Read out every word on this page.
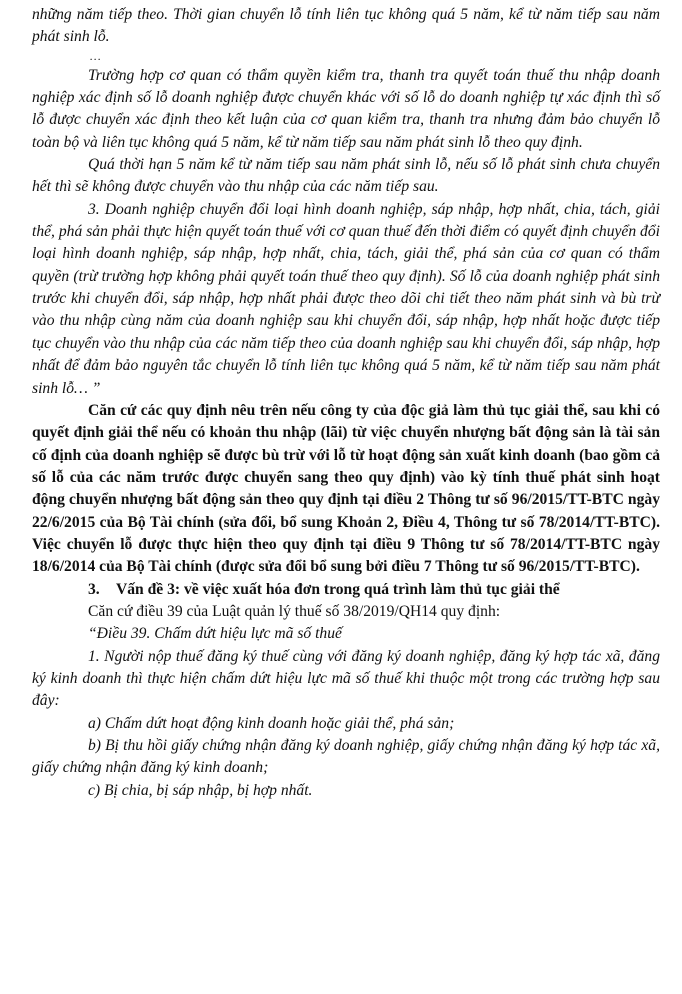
những năm tiếp theo. Thời gian chuyển lỗ tính liên tục không quá 5 năm, kể từ năm tiếp sau năm phát sinh lỗ.

…

Trường hợp cơ quan có thẩm quyền kiểm tra, thanh tra quyết toán thuế thu nhập doanh nghiệp xác định số lỗ doanh nghiệp được chuyển khác với số lỗ do doanh nghiệp tự xác định thì số lỗ được chuyển xác định theo kết luận của cơ quan kiểm tra, thanh tra nhưng đảm bảo chuyển lỗ toàn bộ và liên tục không quá 5 năm, kể từ năm tiếp sau năm phát sinh lỗ theo quy định.

Quá thời hạn 5 năm kể từ năm tiếp sau năm phát sinh lỗ, nếu số lỗ phát sinh chưa chuyển hết thì sẽ không được chuyển vào thu nhập của các năm tiếp sau.

3. Doanh nghiệp chuyển đổi loại hình doanh nghiệp, sáp nhập, hợp nhất, chia, tách, giải thể, phá sản phải thực hiện quyết toán thuế với cơ quan thuế đến thời điểm có quyết định chuyển đổi loại hình doanh nghiệp, sáp nhập, hợp nhất, chia, tách, giải thể, phá sản của cơ quan có thẩm quyền (trừ trường hợp không phải quyết toán thuế theo quy định). Số lỗ của doanh nghiệp phát sinh trước khi chuyển đổi, sáp nhập, hợp nhất phải được theo dõi chi tiết theo năm phát sinh và bù trừ vào thu nhập cùng năm của doanh nghiệp sau khi chuyển đổi, sáp nhập, hợp nhất hoặc được tiếp tục chuyển vào thu nhập của các năm tiếp theo của doanh nghiệp sau khi chuyển đổi, sáp nhập, hợp nhất để đảm bảo nguyên tắc chuyển lỗ tính liên tục không quá 5 năm, kể từ năm tiếp sau năm phát sinh lỗ… ”

Căn cứ các quy định nêu trên nếu công ty của độc giả làm thủ tục giải thể, sau khi có quyết định giải thể nếu có khoản thu nhập (lãi) từ việc chuyển nhượng bất động sản là tài sản cố định của doanh nghiệp sẽ được bù trừ với lỗ từ hoạt động sản xuất kinh doanh (bao gồm cả số lỗ của các năm trước được chuyển sang theo quy định) vào kỳ tính thuế phát sinh hoạt động chuyển nhượng bất động sản theo quy định tại điều 2 Thông tư số 96/2015/TT-BTC ngày 22/6/2015 của Bộ Tài chính (sửa đổi, bổ sung Khoản 2, Điều 4, Thông tư số 78/2014/TT-BTC). Việc chuyển lỗ được thực hiện theo quy định tại điều 9 Thông tư số 78/2014/TT-BTC ngày 18/6/2014 của Bộ Tài chính (được sửa đổi bổ sung bởi điều 7 Thông tư số 96/2015/TT-BTC).

3.	Vấn đề 3: về việc xuất hóa đơn trong quá trình làm thủ tục giải thể

Căn cứ điều 39 của Luật quản lý thuế số 38/2019/QH14 quy định:

“Điều 39. Chấm dứt hiệu lực mã số thuế

1. Người nộp thuế đăng ký thuế cùng với đăng ký doanh nghiệp, đăng ký hợp tác xã, đăng ký kinh doanh thì thực hiện chấm dứt hiệu lực mã số thuế khi thuộc một trong các trường hợp sau đây:

a) Chấm dứt hoạt động kinh doanh hoặc giải thể, phá sản;

b) Bị thu hồi giấy chứng nhận đăng ký doanh nghiệp, giấy chứng nhận đăng ký hợp tác xã, giấy chứng nhận đăng ký kinh doanh;

c) Bị chia, bị sáp nhập, bị hợp nhất.
